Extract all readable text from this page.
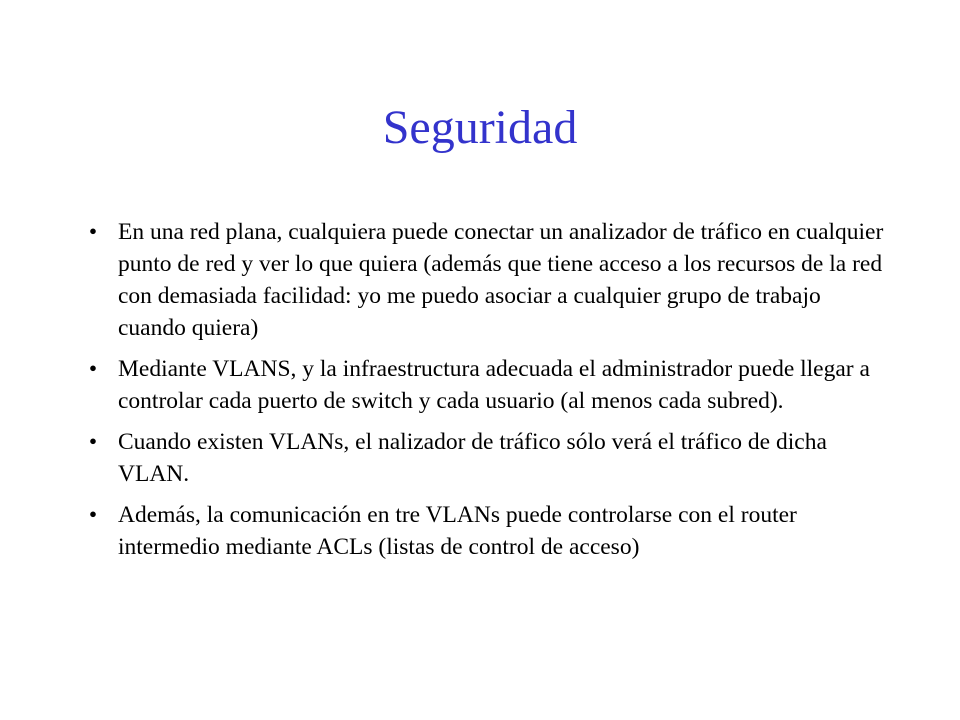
Seguridad
• En una red plana, cualquiera puede conectar un analizador de tráfico en cualquier punto de red y ver lo que quiera (además que tiene acceso a los recursos de la red con demasiada facilidad: yo me puedo asociar a cualquier grupo de trabajo cuando quiera)
• Mediante VLANS, y la infraestructura adecuada el administrador puede llegar a controlar cada puerto de switch y cada usuario (al menos cada subred).
• Cuando existen VLANs, el nalizador de tráfico sólo verá el tráfico de dicha VLAN.
• Además, la comunicación en tre VLANs puede controlarse con el router intermedio mediante ACLs (listas de control de acceso)
